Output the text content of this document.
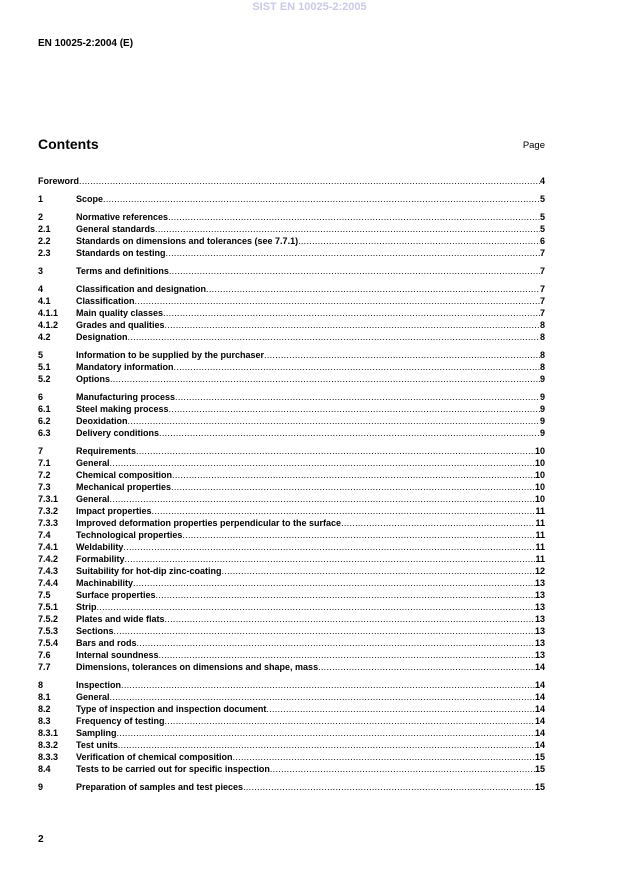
SIST EN 10025-2:2005
EN 10025-2:2004 (E)
Contents	Page
Foreword .....	4
1	Scope .....	5
2	Normative references .....	5
2.1	General standards .....	5
2.2	Standards on dimensions and tolerances (see 7.7.1) .....	6
2.3	Standards on testing .....	7
3	Terms and definitions .....	7
4	Classification and designation .....	7
4.1	Classification .....	7
4.1.1	Main quality classes .....	7
4.1.2	Grades and qualities .....	8
4.2	Designation .....	8
5	Information to be supplied by the purchaser .....	8
5.1	Mandatory information .....	8
5.2	Options .....	9
6	Manufacturing process .....	9
6.1	Steel making process .....	9
6.2	Deoxidation .....	9
6.3	Delivery conditions .....	9
7	Requirements .....	10
7.1	General .....	10
7.2	Chemical composition .....	10
7.3	Mechanical properties .....	10
7.3.1	General .....	10
7.3.2	Impact properties .....	11
7.3.3	Improved deformation properties perpendicular to the surface .....	11
7.4	Technological properties .....	11
7.4.1	Weldability .....	11
7.4.2	Formability .....	11
7.4.3	Suitability for hot-dip zinc-coating .....	12
7.4.4	Machinability .....	13
7.5	Surface properties .....	13
7.5.1	Strip .....	13
7.5.2	Plates and wide flats .....	13
7.5.3	Sections .....	13
7.5.4	Bars and rods .....	13
7.6	Internal soundness .....	13
7.7	Dimensions, tolerances on dimensions and shape, mass .....	14
8	Inspection .....	14
8.1	General .....	14
8.2	Type of inspection and inspection document .....	14
8.3	Frequency of testing .....	14
8.3.1	Sampling .....	14
8.3.2	Test units .....	14
8.3.3	Verification of chemical composition .....	15
8.4	Tests to be carried out for specific inspection .....	15
9	Preparation of samples and test pieces .....	15
2
